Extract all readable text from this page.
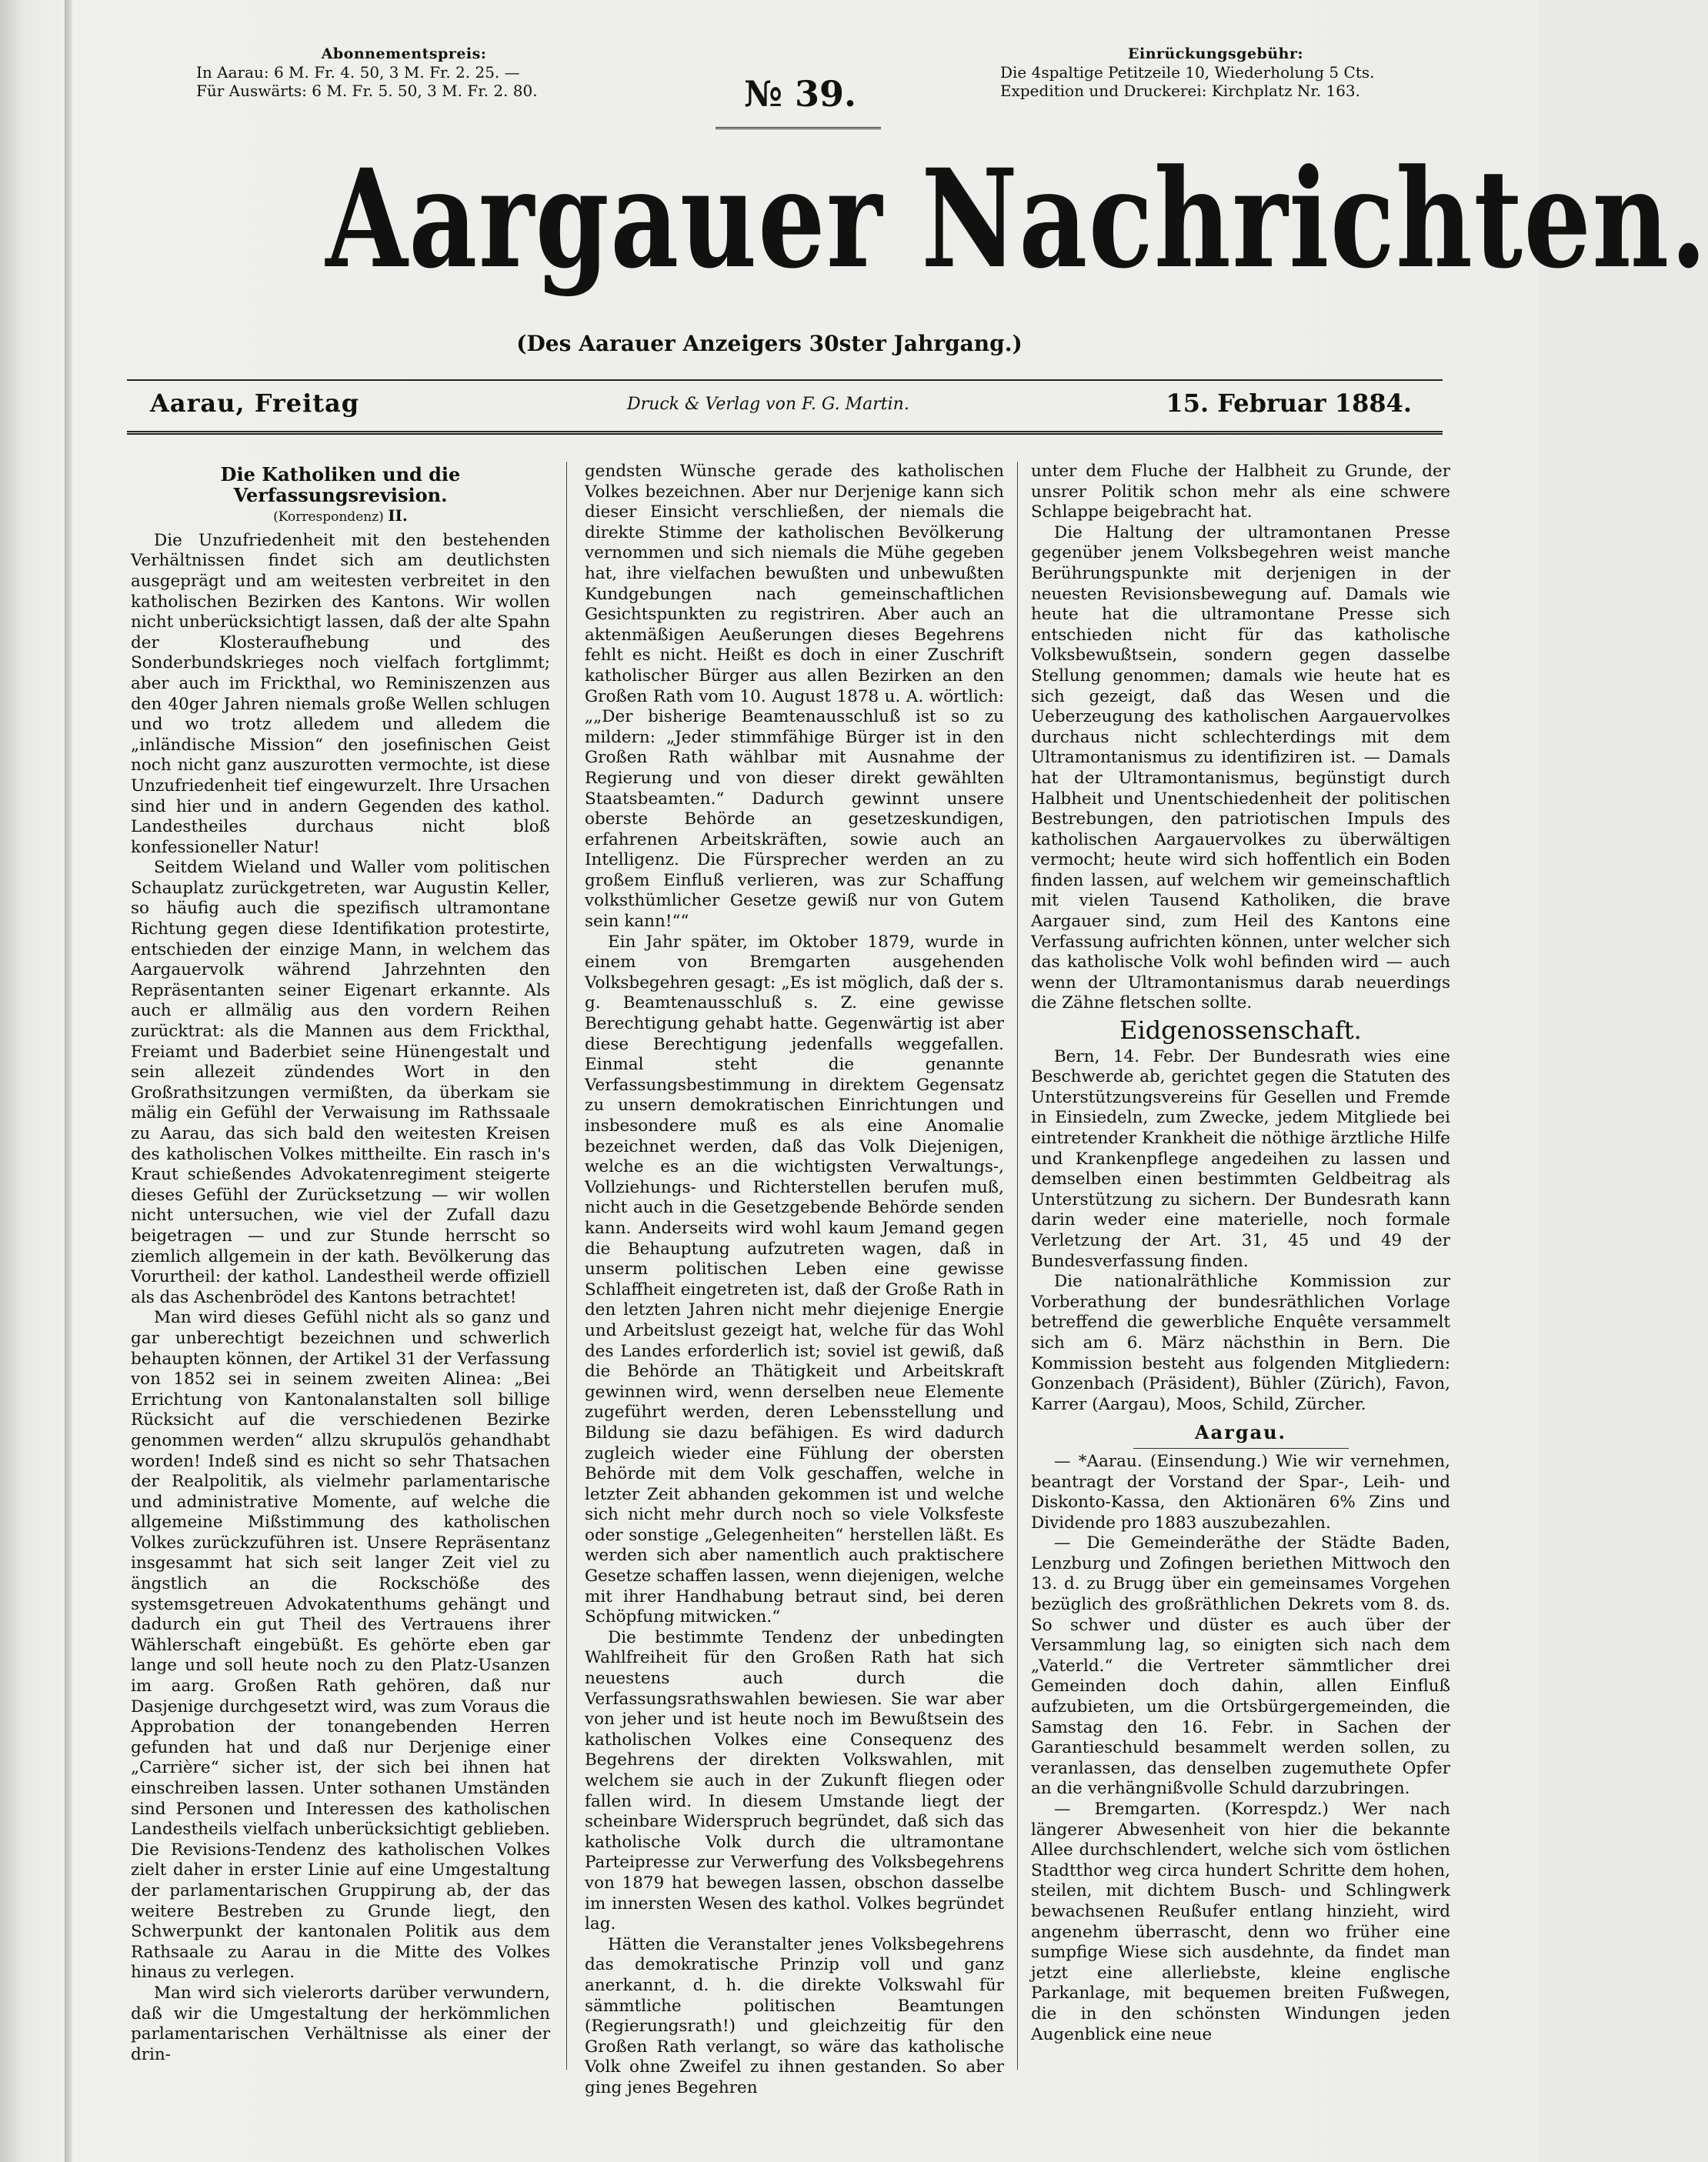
Abonnementspreis:
In Aarau: 6 M. Fr. 4. 50, 3 M. Fr. 2. 25. —
Für Auswärts: 6 M. Fr. 5. 50, 3 M. Fr. 2. 80.	№ 39.
Einrückungsgebühr:
Die 4spaltige Petitzeile 10, Wiederholung 5 Cts.
Expedition und Druckerei: Kirchplatz Nr. 163.
Aargauer Nachrichten.
(Des Aarauer Anzeigers 30ster Jahrgang.)
Aarau, Freitag	Druck & Verlag von F. G. Martin.	15. Februar 1884.
Die Katholiken und die Verfassungsrevision.
(Korrespondenz) II.

Die Unzufriedenheit mit den bestehenden Verhältnissen findet sich am deutlichsten ausgeprägt und am weitesten verbreitet in den katholischen Bezirken des Kantons. Wir wollen nicht unberücksichtigt lassen, daß der alte Spahn der Klosteraufhebung und des Sonderbundskrieges noch vielfach fortglimmt; aber auch im Frickthal, wo Reminiszenzen aus den 40ger Jahren niemals große Wellen schlugen und wo trotz alledem und alledem die „inländische Mission“ den josefinischen Geist noch nicht ganz auszurotten vermochte, ist diese Unzufriedenheit tief eingewurzelt. Ihre Ursachen sind hier und in andern Gegenden des kathol. Landestheiles durchaus nicht bloß konfessioneller Natur!

Seitdem Wieland und Waller vom politischen Schauplatz zurückgetreten, war Augustin Keller, so häufig auch die spezifisch ultramontane Richtung gegen diese Identifikation protestirte, entschieden der einzige Mann, in welchem das Aargauervolk während Jahrzehnten den Repräsentanten seiner Eigenart erkannte. Als auch er allmälig aus den vordern Reihen zurücktrat: als die Mannen aus dem Frickthal, Freiamt und Baderbiet seine Hünengestalt und sein allezeit zündendes Wort in den Großrathsitzungen vermißten, da überkam sie mälig ein Gefühl der Verwaisung im Rathssaale zu Aarau, das sich bald den weitesten Kreisen des katholischen Volkes mittheilte. Ein rasch in's Kraut schießendes Advokatenregiment steigerte dieses Gefühl der Zurücksetzung — wir wollen nicht untersuchen, wie viel der Zufall dazu beigetragen — und zur Stunde herrscht so ziemlich allgemein in der kath. Bevölkerung das Vorurtheil: der kathol. Landestheil werde offiziell als das Aschenbrödel des Kantons betrachtet!

Man wird dieses Gefühl nicht als so ganz und gar unberechtigt bezeichnen und schwerlich behaupten können, der Artikel 31 der Verfassung von 1852 sei in seinem zweiten Alinea: „Bei Errichtung von Kantonalanstalten soll billige Rücksicht auf die verschiedenen Bezirke genommen werden“ allzu skrupulös gehandhabt worden! Indeß sind es nicht so sehr Thatsachen der Realpolitik, als vielmehr parlamentarische und administrative Momente, auf welche die allgemeine Mißstimmung des katholischen Volkes zurückzuführen ist. Unsere Repräsentanz insgesammt hat sich seit langer Zeit viel zu ängstlich an die Rockschöße des systemsgetreuen Advokatenthums gehängt und dadurch ein gut Theil des Vertrauens ihrer Wählerschaft eingebüßt. Es gehörte eben gar lange und soll heute noch zu den Platz-Usanzen im aarg. Großen Rath gehören, daß nur Dasjenige durchgesetzt wird, was zum Voraus die Approbation der tonangebenden Herren gefunden hat und daß nur Derjenige einer „Carrière“ sicher ist, der sich bei ihnen hat einschreiben lassen. Unter sothanen Umständen sind Personen und Interessen des katholischen Landestheils vielfach unberücksichtigt geblieben. Die Revisions-Tendenz des katholischen Volkes zielt daher in erster Linie auf eine Umgestaltung der parlamentarischen Gruppirung ab, der das weitere Bestreben zu Grunde liegt, den Schwerpunkt der kantonalen Politik aus dem Rathsaale zu Aarau in die Mitte des Volkes hinaus zu verlegen.

Man wird sich vielerorts darüber verwundern, daß wir die Umgestaltung der herkömmlichen parlamentarischen Verhältnisse als einer der drin-

gendsten Wünsche gerade des katholischen Volkes bezeichnen. Aber nur Derjenige kann sich dieser Einsicht verschließen, der niemals die direkte Stimme der katholischen Bevölkerung vernommen und sich niemals die Mühe gegeben hat, ihre vielfachen bewußten und unbewußten Kundgebungen nach gemeinschaftlichen Gesichtspunkten zu registriren. Aber auch an aktenmäßigen Aeußerungen dieses Begehrens fehlt es nicht. Heißt es doch in einer Zuschrift katholischer Bürger aus allen Bezirken an den Großen Rath vom 10. August 1878 u. A. wörtlich: „„Der bisherige Beamtenausschluß ist so zu mildern: „Jeder stimmfähige Bürger ist in den Großen Rath wählbar mit Ausnahme der Regierung und von dieser direkt gewählten Staatsbeamten.“ Dadurch gewinnt unsere oberste Behörde an gesetzeskundigen, erfahrenen Arbeitskräften, sowie auch an Intelligenz. Die Fürsprecher werden an zu großem Einfluß verlieren, was zur Schaffung volksthümlicher Gesetze gewiß nur von Gutem sein kann!““

Ein Jahr später, im Oktober 1879, wurde in einem von Bremgarten ausgehenden Volksbegehren gesagt: „Es ist möglich, daß der s. g. Beamtenausschluß s. Z. eine gewisse Berechtigung gehabt hatte. Gegenwärtig ist aber diese Berechtigung jedenfalls weggefallen. Einmal steht die genannte Verfassungsbestimmung in direktem Gegensatz zu unsern demokratischen Einrichtungen und insbesondere muß es als eine Anomalie bezeichnet werden, daß das Volk Diejenigen, welche es an die wichtigsten Verwaltungs-, Vollziehungs- und Richterstellen berufen muß, nicht auch in die Gesetzgebende Behörde senden kann. Anderseits wird wohl kaum Jemand gegen die Behauptung aufzutreten wagen, daß in unserm politischen Leben eine gewisse Schlaffheit eingetreten ist, daß der Große Rath in den letzten Jahren nicht mehr diejenige Energie und Arbeitslust gezeigt hat, welche für das Wohl des Landes erforderlich ist; soviel ist gewiß, daß die Behörde an Thätigkeit und Arbeitskraft gewinnen wird, wenn derselben neue Elemente zugeführt werden, deren Lebensstellung und Bildung sie dazu befähigen. Es wird dadurch zugleich wieder eine Fühlung der obersten Behörde mit dem Volk geschaffen, welche in letzter Zeit abhanden gekommen ist und welche sich nicht mehr durch noch so viele Volksfeste oder sonstige „Gelegenheiten“ herstellen läßt. Es werden sich aber namentlich auch praktischere Gesetze schaffen lassen, wenn diejenigen, welche mit ihrer Handhabung betraut sind, bei deren Schöpfung mitwicken.“

Die bestimmte Tendenz der unbedingten Wahlfreiheit für den Großen Rath hat sich neuestens auch durch die Verfassungsrathswahlen bewiesen. Sie war aber von jeher und ist heute noch im Bewußtsein des katholischen Volkes eine Consequenz des Begehrens der direkten Volkswahlen, mit welchem sie auch in der Zukunft fliegen oder fallen wird. In diesem Umstande liegt der scheinbare Widerspruch begründet, daß sich das katholische Volk durch die ultramontane Parteipresse zur Verwerfung des Volksbegehrens von 1879 hat bewegen lassen, obschon dasselbe im innersten Wesen des kathol. Volkes begründet lag.

Hätten die Veranstalter jenes Volksbegehrens das demokratische Prinzip voll und ganz anerkannt, d. h. die direkte Volkswahl für sämmtliche politischen Beamtungen (Regierungsrath!) und gleichzeitig für den Großen Rath verlangt, so wäre das katholische Volk ohne Zweifel zu ihnen gestanden. So aber ging jenes Begehren

unter dem Fluche der Halbheit zu Grunde, der unsrer Politik schon mehr als eine schwere Schlappe beigebracht hat.

Die Haltung der ultramontanen Presse gegenüber jenem Volksbegehren weist manche Berührungspunkte mit derjenigen in der neuesten Revisionsbewegung auf. Damals wie heute hat die ultramontane Presse sich entschieden nicht für das katholische Volksbewußtsein, sondern gegen dasselbe Stellung genommen; damals wie heute hat es sich gezeigt, daß das Wesen und die Ueberzeugung des katholischen Aargauervolkes durchaus nicht schlechterdings mit dem Ultramontanismus zu identifiziren ist. — Damals hat der Ultramontanismus, begünstigt durch Halbheit und Unentschiedenheit der politischen Bestrebungen, den patriotischen Impuls des katholischen Aargauervolkes zu überwältigen vermocht; heute wird sich hoffentlich ein Boden finden lassen, auf welchem wir gemeinschaftlich mit vielen Tausend Katholiken, die brave Aargauer sind, zum Heil des Kantons eine Verfassung aufrichten können, unter welcher sich das katholische Volk wohl befinden wird — auch wenn der Ultramontanismus darab neuerdings die Zähne fletschen sollte.

Eidgenossenschaft.

Bern, 14. Febr. Der Bundesrath wies eine Beschwerde ab, gerichtet gegen die Statuten des Unterstützungsvereins für Gesellen und Fremde in Einsiedeln, zum Zwecke, jedem Mitgliede bei eintretender Krankheit die nöthige ärztliche Hilfe und Krankenpflege angedeihen zu lassen und demselben einen bestimmten Geldbeitrag als Unterstützung zu sichern. Der Bundesrath kann darin weder eine materielle, noch formale Verletzung der Art. 31, 45 und 49 der Bundesverfassung finden.

Die nationalräthliche Kommission zur Vorberathung der bundesräthlichen Vorlage betreffend die gewerbliche Enquête versammelt sich am 6. März nächsthin in Bern. Die Kommission besteht aus folgenden Mitgliedern: Gonzenbach (Präsident), Bühler (Zürich), Favon, Karrer (Aargau), Moos, Schild, Zürcher.

Aargau.

— *Aarau. (Einsendung.) Wie wir vernehmen, beantragt der Vorstand der Spar-, Leih- und Diskonto-Kassa, den Aktionären 6% Zins und Dividende pro 1883 auszubezahlen.

— Die Gemeinderäthe der Städte Baden, Lenzburg und Zofingen beriethen Mittwoch den 13. d. zu Brugg über ein gemeinsames Vorgehen bezüglich des großräthlichen Dekrets vom 8. ds. So schwer und düster es auch über der Versammlung lag, so einigten sich nach dem „Vaterld.“ die Vertreter sämmtlicher drei Gemeinden doch dahin, allen Einfluß aufzubieten, um die Ortsbürgergemeinden, die Samstag den 16. Febr. in Sachen der Garantieschuld besammelt werden sollen, zu veranlassen, das denselben zugemuthete Opfer an die verhängnißvolle Schuld darzubringen.

— Bremgarten. (Korrespdz.) Wer nach längerer Abwesenheit von hier die bekannte Allee durchschlendert, welche sich vom östlichen Stadtthor weg circa hundert Schritte dem hohen, steilen, mit dichtem Busch- und Schlingwerk bewachsenen Reußufer entlang hinzieht, wird angenehm überrascht, denn wo früher eine sumpfige Wiese sich ausdehnte, da findet man jetzt eine allerliebste, kleine englische Parkanlage, mit bequemen breiten Fußwegen, die in den schönsten Windungen jeden Augenblick eine neue
